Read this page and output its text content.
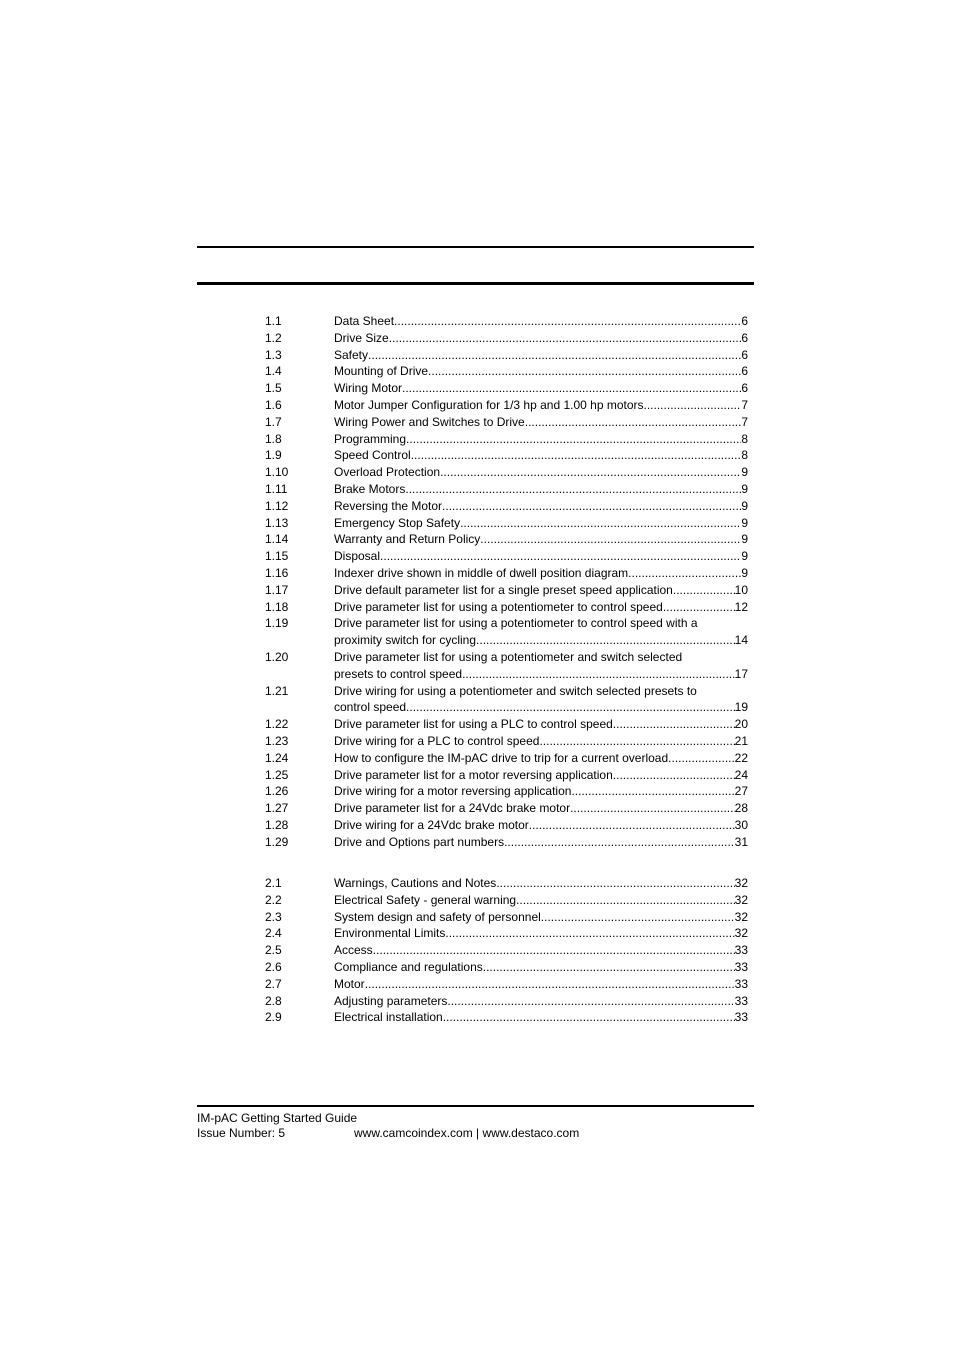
1.1	Data Sheet .....	6
1.2	Drive Size .....	6
1.3	Safety .....	6
1.4	Mounting of Drive .....	6
1.5	Wiring Motor .....	6
1.6	Motor Jumper Configuration for 1/3 hp and 1.00 hp motors .....	7
1.7	Wiring Power and Switches to Drive .....	7
1.8	Programming .....	8
1.9	Speed Control .....	8
1.10	Overload Protection .....	9
1.11	Brake Motors .....	9
1.12	Reversing the Motor .....	9
1.13	Emergency Stop Safety .....	9
1.14	Warranty and Return Policy .....	9
1.15	Disposal .....	9
1.16	Indexer drive shown in middle of dwell position diagram. .....	9
1.17	Drive default parameter list for a single preset speed application .....	10
1.18	Drive parameter list for using a potentiometer to control speed .....	12
1.19	Drive parameter list for using a potentiometer to control speed with a
proximity switch for cycling .....	14
1.20	Drive parameter list for using a potentiometer and switch selected
presets to control speed .....	17
1.21	Drive wiring for using a potentiometer and switch selected presets to
control speed .....	19
1.22	Drive parameter list for using a PLC to control speed .....	20
1.23	Drive wiring for a PLC to control speed .....	21
1.24	How to configure the IM-pAC drive to trip for a current overload. .....	22
1.25	Drive parameter list for a motor reversing application .....	24
1.26	Drive wiring for a motor reversing application. .....	27
1.27	Drive parameter list for a 24Vdc brake motor .....	28
1.28	Drive wiring for a 24Vdc brake motor .....	30
1.29	Drive and Options part numbers .....	31
2.1	Warnings, Cautions and Notes .....	32
2.2	Electrical Safety - general warning .....	32
2.3	System design and safety of personnel .....	32
2.4	Environmental Limits .....	32
2.5	Access .....	33
2.6	Compliance and regulations .....	33
2.7	Motor .....	33
2.8	Adjusting parameters .....	33
2.9	Electrical installation .....	33
IM-pAC Getting Started Guide
Issue Number: 5	www.camcoindex.com | www.destaco.com
